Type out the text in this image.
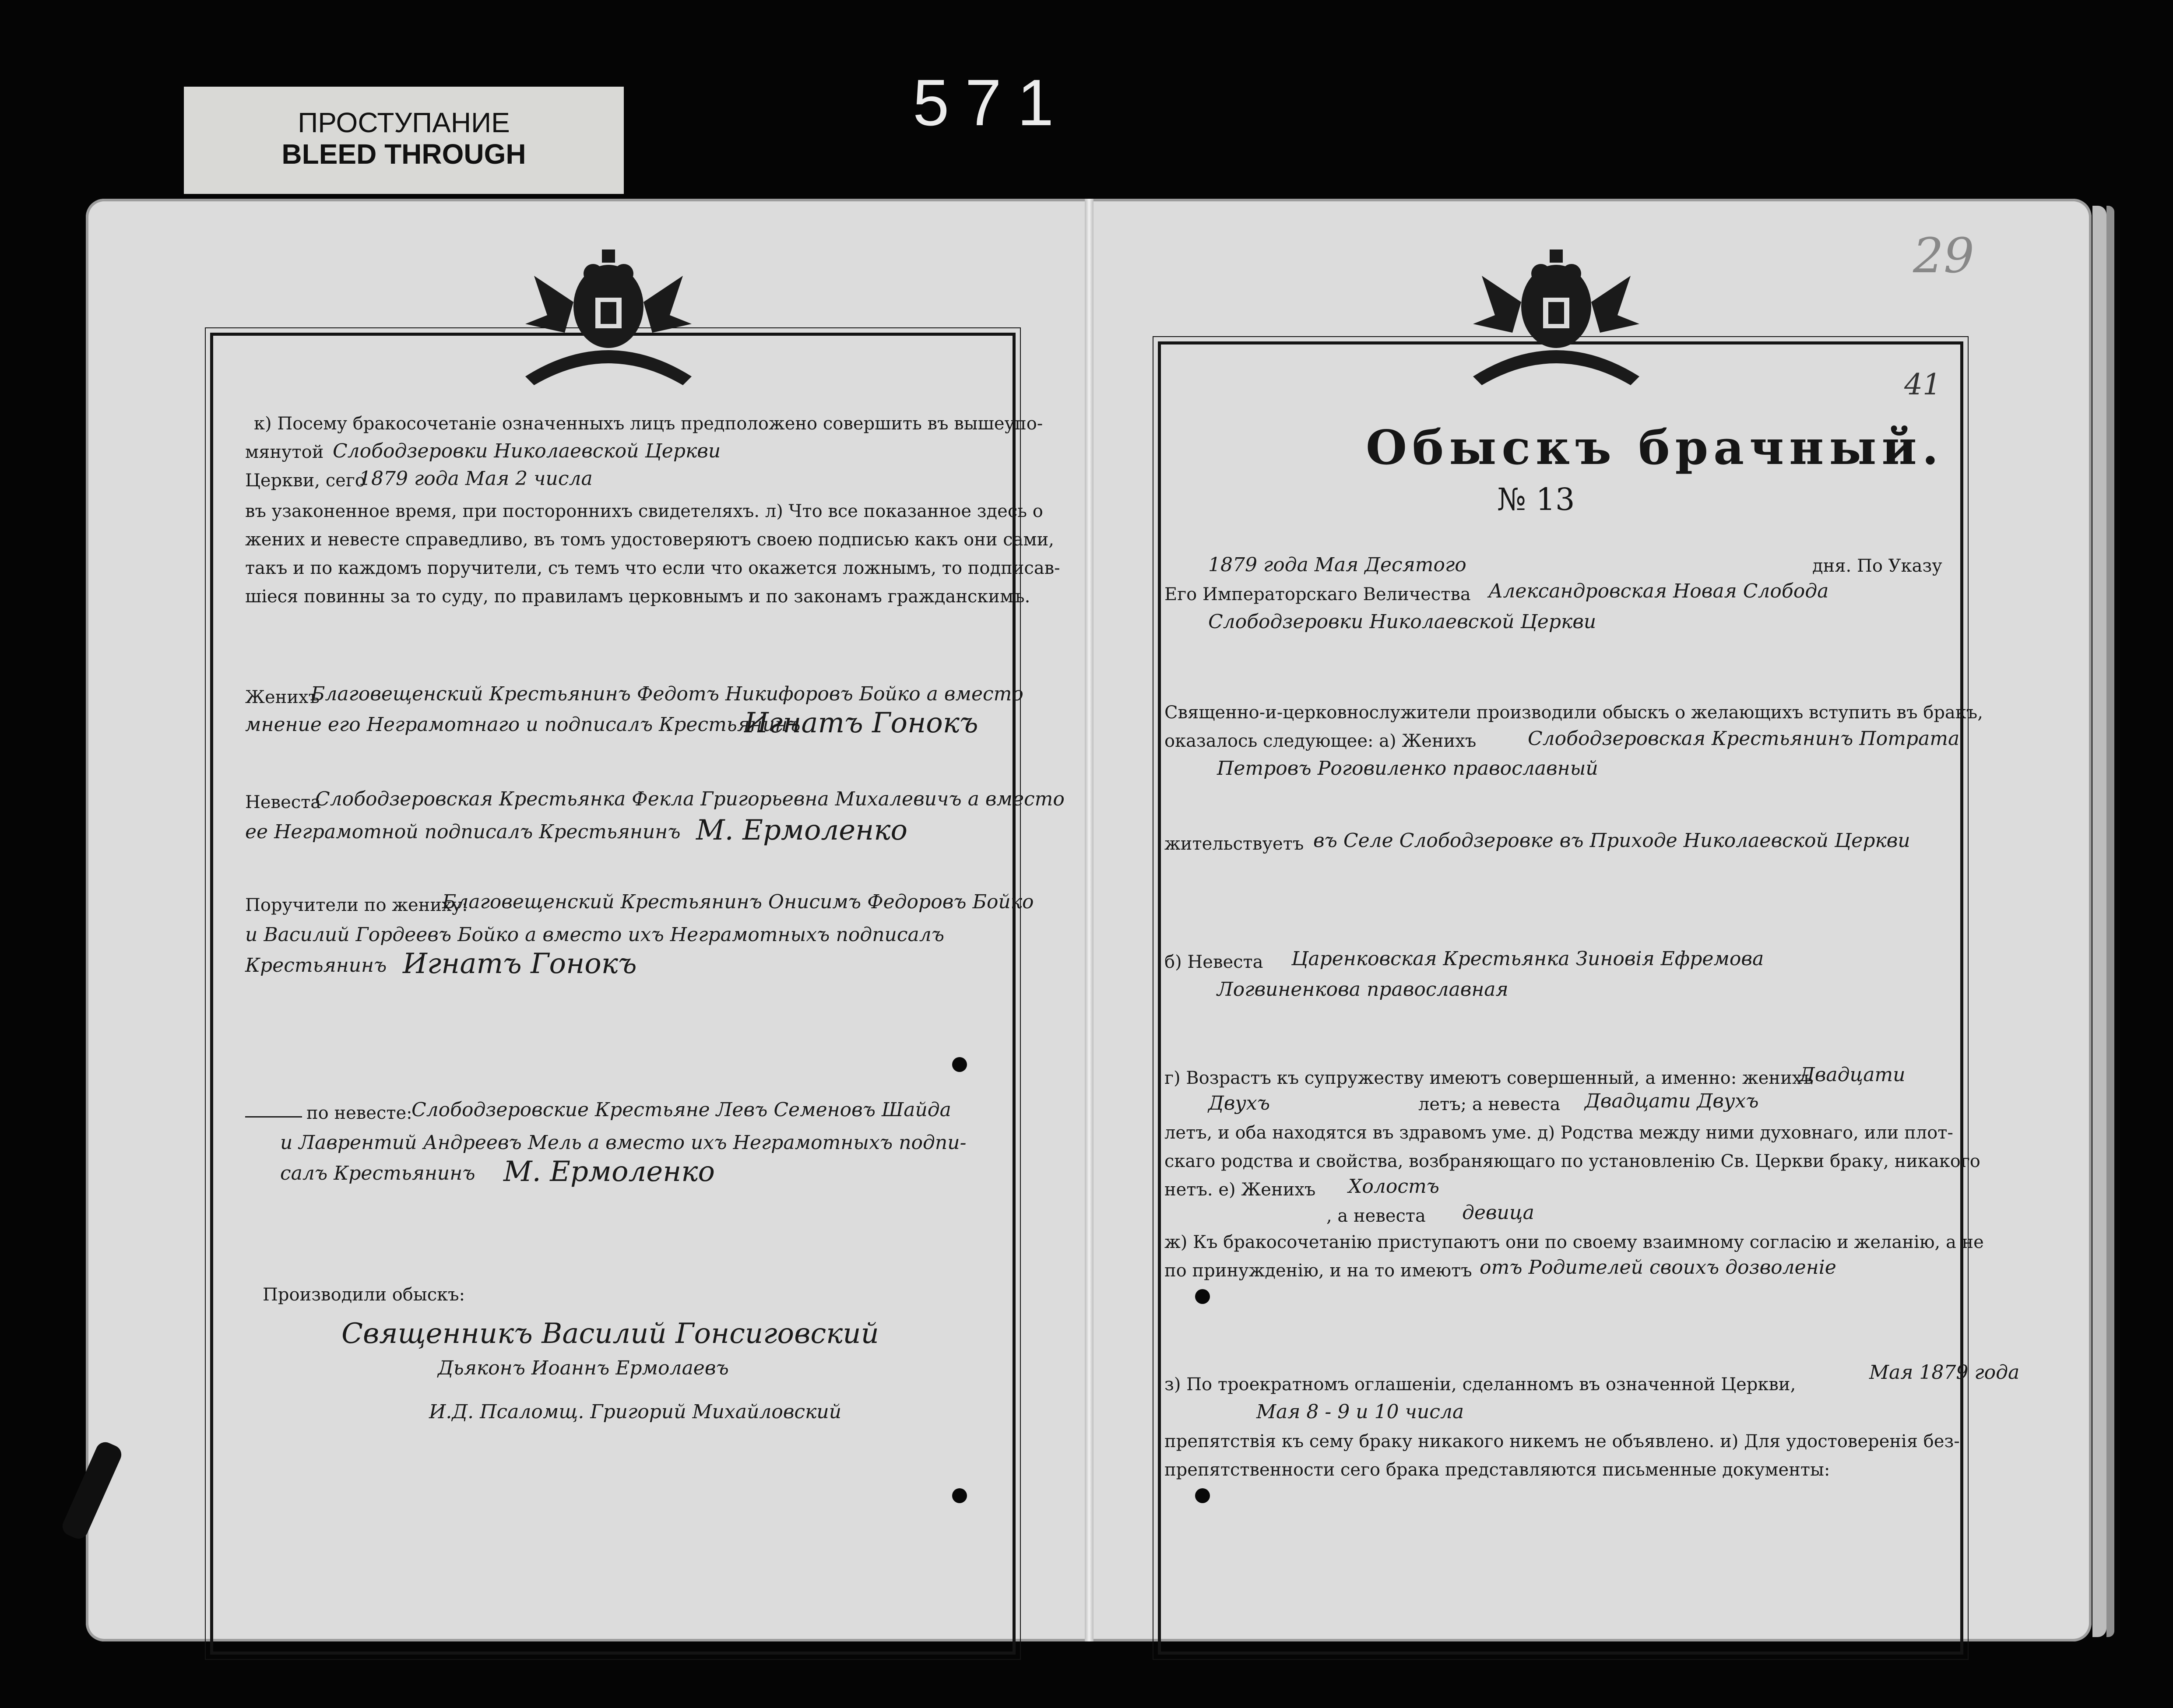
ПРОСТУПАНИЕ
BLEED THROUGH
571
к) Посему бракосочетанiе означенныхъ лицъ предположено совершить въ вышеупо-
мянутой Слободзеровки Николаевской Церкви
Церкви, сего
1879 года Мая 2 числа
въ узаконенное время, при постороннихъ свидетеляхъ. л) Что все показанное здесь о
жених и невесте справедливо, въ томъ удостоверяютъ своею подписью какъ они сами,
такъ и по каждомъ поручители, съ темъ что если что окажется ложнымъ, то подписав-
шiеся повинны за то суду, по правиламъ церковнымъ и по законамъ гражданскимъ.
Женихъ
Благовещенский Крестьянинъ Федотъ Никифоровъ Бойко а вместо
мнение его Неграмотнаго и подписалъ Крестьянинъ
Игнатъ Гонокъ
Невеста
Слободзеровская Крестьянка Фекла Григорьевна Михалевичъ а вместо
ее Неграмотной подписалъ Крестьянинъ М. Ермоленко
Поручители по жениху:
Благовещенский Крестьянинъ Онисимъ Федоровъ Бойко
и Василий Гордеевъ Бойко а вместо ихъ Неграмотныхъ подписалъ
Крестьянинъ Игнатъ Гонокъ
по невесте:
Слободзеровские Крестьяне Левъ Семеновъ Шайда
и Лаврентий Андреевъ Мель а вместо ихъ Неграмотныхъ подпи-
салъ Крестьянинъ М. Ермоленко
Производили обыскъ:
Священникъ Василий Гонсиговский
Дьяконъ Иоаннъ Ермолаевъ
И.Д. Псаломщ. Григорий Михайловский
29
41
Обыскъ брачный.
№ 13
1879 года Мая Десятого	дня. По Указу
Его Императорскаго Величества Александровская Новая Слобода
Слободзеровки Николаевской Церкви
Священно-и-церковнослужители производили обыскъ о желающихъ вступить въ бракъ,
оказалось следующее: а) Женихъ	Слободзеровская Крестьянинъ Потрата
Петровъ Роговиленко православный
жительствуетъ въ Селе Слободзеровке въ Приходе Николаевской Церкви
б) Невеста Царенковская Крестьянка Зиновiя Ефремова
Логвиненкова православная
г) Возрастъ къ супружеству имеютъ совершенный, а именно: женихъ
Двадцати
Двухъ	летъ; а невеста Двадцати Двухъ
летъ, и оба находятся въ здравомъ уме. д) Родства между ними духовнаго, или плот-
скаго родства и свойства, возбраняющаго по установленiю Св. Церкви браку, никакого
нетъ. е) Женихъ Холостъ
, а невеста девица
ж) Къ бракосочетанiю приступаютъ они по своему взаимному согласiю и желанiю, а не
по принужденiю, и на то имеютъ отъ Родителей своихъ дозволенiе
з) По троекратномъ оглашенiи, сделанномъ въ означенной Церкви,
Мая 1879 года
Мая 8 - 9 и 10 числа
препятствiя къ сему браку никакого никемъ не объявлено. и) Для удостоверенiя без-
препятственности сего брака представляются письменные документы:
